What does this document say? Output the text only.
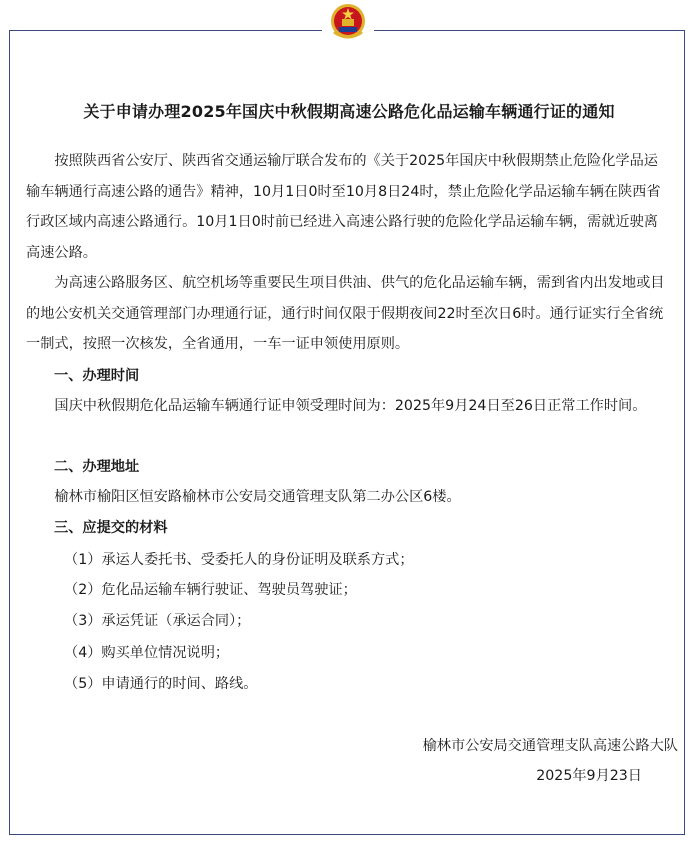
关于申请办理2025年国庆中秋假期高速公路危化品运输车辆通行证的通知

按照陕西省公安厅、陕西省交通运输厅联合发布的《关于2025年国庆中秋假期禁止危险化学品运输车辆通行高速公路的通告》精神，10月1日0时至10月8日24时，禁止危险化学品运输车辆在陕西省行政区域内高速公路通行。10月1日0时前已经进入高速公路行驶的危险化学品运输车辆，需就近驶离高速公路。

为高速公路服务区、航空机场等重要民生项目供油、供气的危化品运输车辆，需到省内出发地或目的地公安机关交通管理部门办理通行证，通行时间仅限于假期夜间22时至次日6时。通行证实行全省统一制式，按照一次核发，全省通用，一车一证申领使用原则。

一、办理时间

国庆中秋假期危化品运输车辆通行证申领受理时间为：2025年9月24日至26日正常工作时间。

二、办理地址

榆林市榆阳区恒安路榆林市公安局交通管理支队第二办公区6楼。

三、应提交的材料

（1）承运人委托书、受委托人的身份证明及联系方式；

（2）危化品运输车辆行驶证、驾驶员驾驶证；

（3）承运凭证（承运合同）；

（4）购买单位情况说明；

（5）申请通行的时间、路线。

榆林市公安局交通管理支队高速公路大队

2025年9月23日
